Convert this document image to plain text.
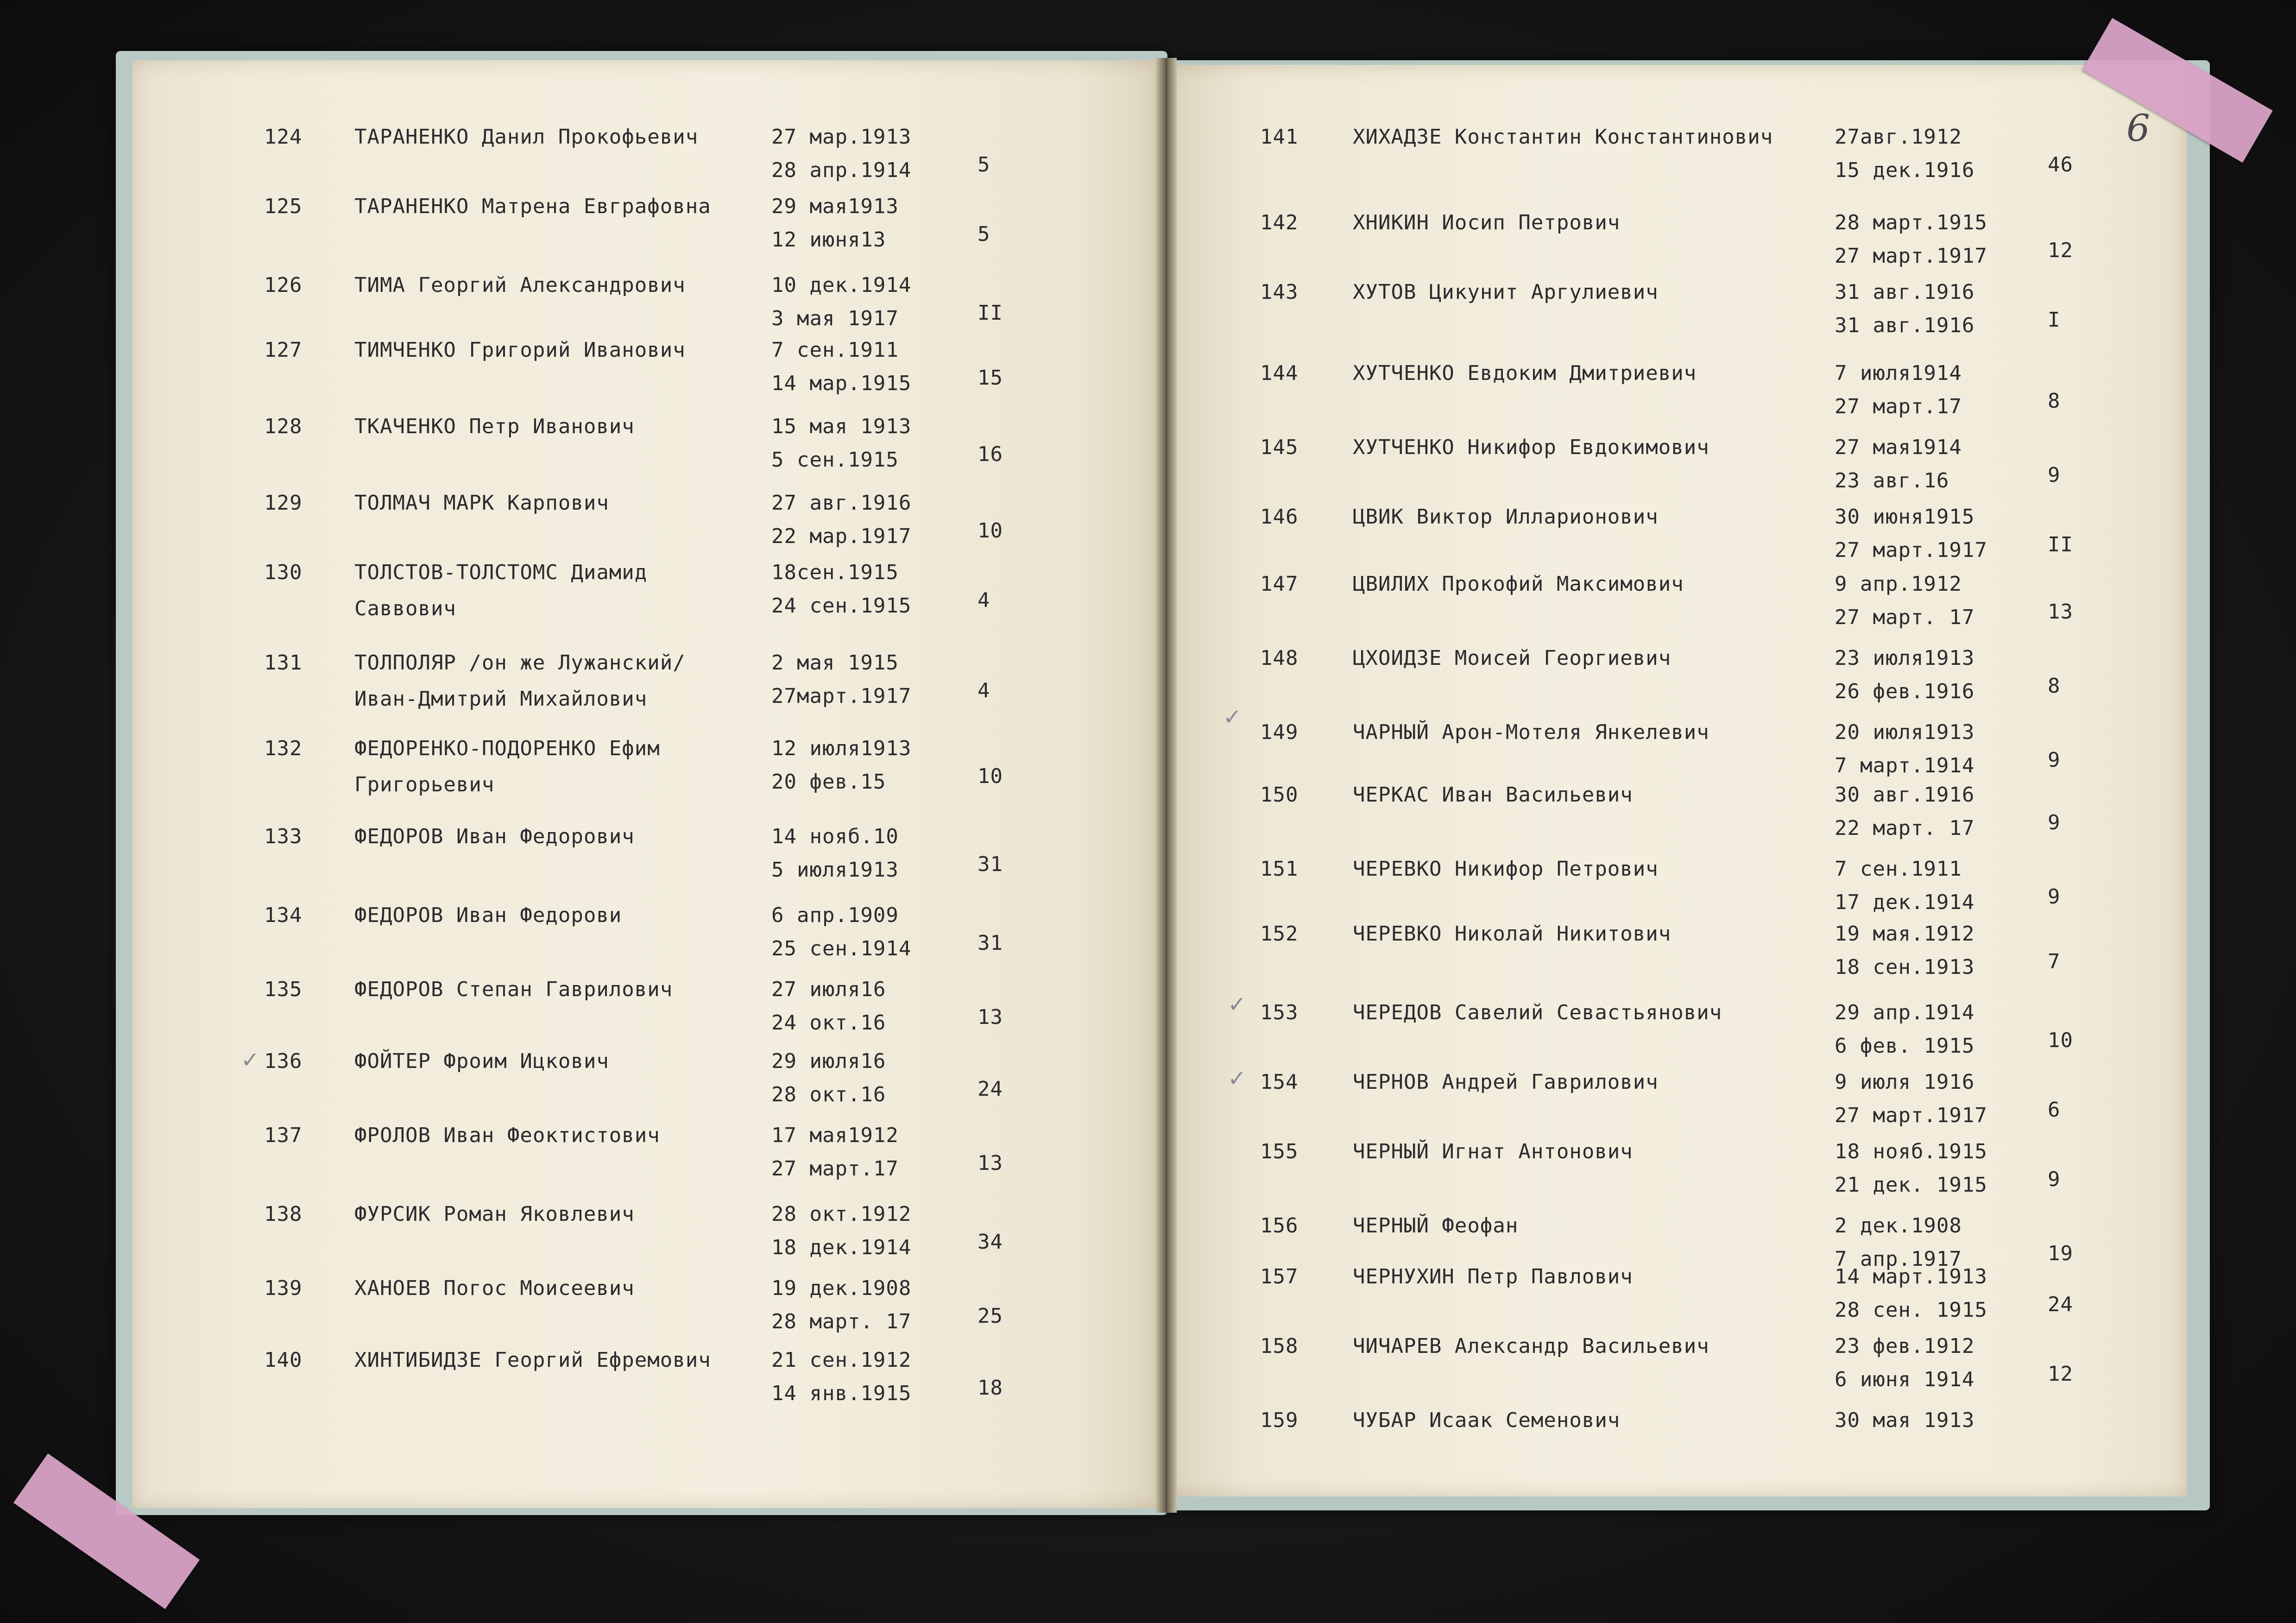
6
✓
✓
✓
✓
124	ТАРАНЕНКО Данил Прокофьевич	27 мар.1913
28 апр.1914	5
125	ТАРАНЕНКО Матрена Евграфовна	29 мая1913
12 июня13	5
126	ТИМА Георгий Александрович	10 дек.1914
3 мая 1917	II
127	ТИМЧЕНКО Григорий Иванович	7 сен.1911
14 мар.1915	15
128	ТКАЧЕНКО Петр Иванович	15 мая 1913
5 сен.1915	16
129	ТОЛМАЧ МАРК Карпович	27 авг.1916
22 мар.1917	10
130	ТОЛСТОВ-ТОЛСТОМС Диамид
Саввович
18сен.1915
24 сен.1915	4
131	ТОЛПОЛЯР /он же Лужанский/
Иван-Дмитрий Михайлович
2 мая 1915
27март.1917	4
132	ФЕДОРЕНКО-ПОДОРЕНКО Ефим
Григорьевич
12 июля1913
20 фев.15	10
133	ФЕДОРОВ Иван Федорович	14 нояб.10
5 июля1913	31
134	ФЕДОРОВ Иван Федорови	6 апр.1909
25 сен.1914	31
135	ФЕДОРОВ Степан Гаврилович	27 июля16
24 окт.16	13
136	ФОЙТЕР Фроим Ицкович	29 июля16
28 окт.16	24
137	ФРОЛОВ Иван Феоктистович	17 мая1912
27 март.17	13
138	ФУРСИК Роман Яковлевич	28 окт.1912
18 дек.1914	34
139	ХАНОЕВ Погос Моисеевич	19 дек.1908
28 март. 17	25
140	ХИНТИБИДЗЕ Георгий Ефремович	21 сен.1912
14 янв.1915	18
141	ХИХАДЗЕ Константин Константинович	27авг.1912
15 дек.1916	46
142	ХНИКИН Иосип Петрович	28 март.1915
27 март.1917	12
143	ХУТОВ Цикунит Аргулиевич	31 авг.1916
31 авг.1916	I
144	ХУТЧЕНКО Евдоким Дмитриевич	7 июля1914
27 март.17	8
145	ХУТЧЕНКО Никифор Евдокимович	27 мая1914
23 авг.16	9
146	ЦВИК Виктор Илларионович	30 июня1915
27 март.1917	II
147	ЦВИЛИХ Прокофий Максимович	9 апр.1912
27 март. 17	13
148	ЦХОИДЗЕ Моисей Георгиевич	23 июля1913
26 фев.1916	8
149	ЧАРНЫЙ Арон-Мотеля Янкелевич	20 июля1913
7 март.1914	9
150	ЧЕРКАС Иван Васильевич	30 авг.1916
22 март. 17	9
151	ЧЕРЕВКО Никифор Петрович	7 сен.1911
17 дек.1914	9
152	ЧЕРЕВКО Николай Никитович	19 мая.1912
18 сен.1913	7
153	ЧЕРЕДОВ Савелий Севастьянович	29 апр.1914
6 фев. 1915	10
154	ЧЕРНОВ Андрей Гаврилович	9 июля 1916
27 март.1917	6
155	ЧЕРНЫЙ Игнат Антонович	18 нояб.1915
21 дек. 1915	9
156	ЧЕРНЫЙ Феофан	2 дек.1908
7 апр.1917	19
157	ЧЕРНУХИН Петр Павлович	14 март.1913
28 сен. 1915	24
158	ЧИЧАРЕВ Александр Васильевич	23 фев.1912
6 июня 1914	12
159	ЧУБАР Исаак Семенович	30 мая 1913
